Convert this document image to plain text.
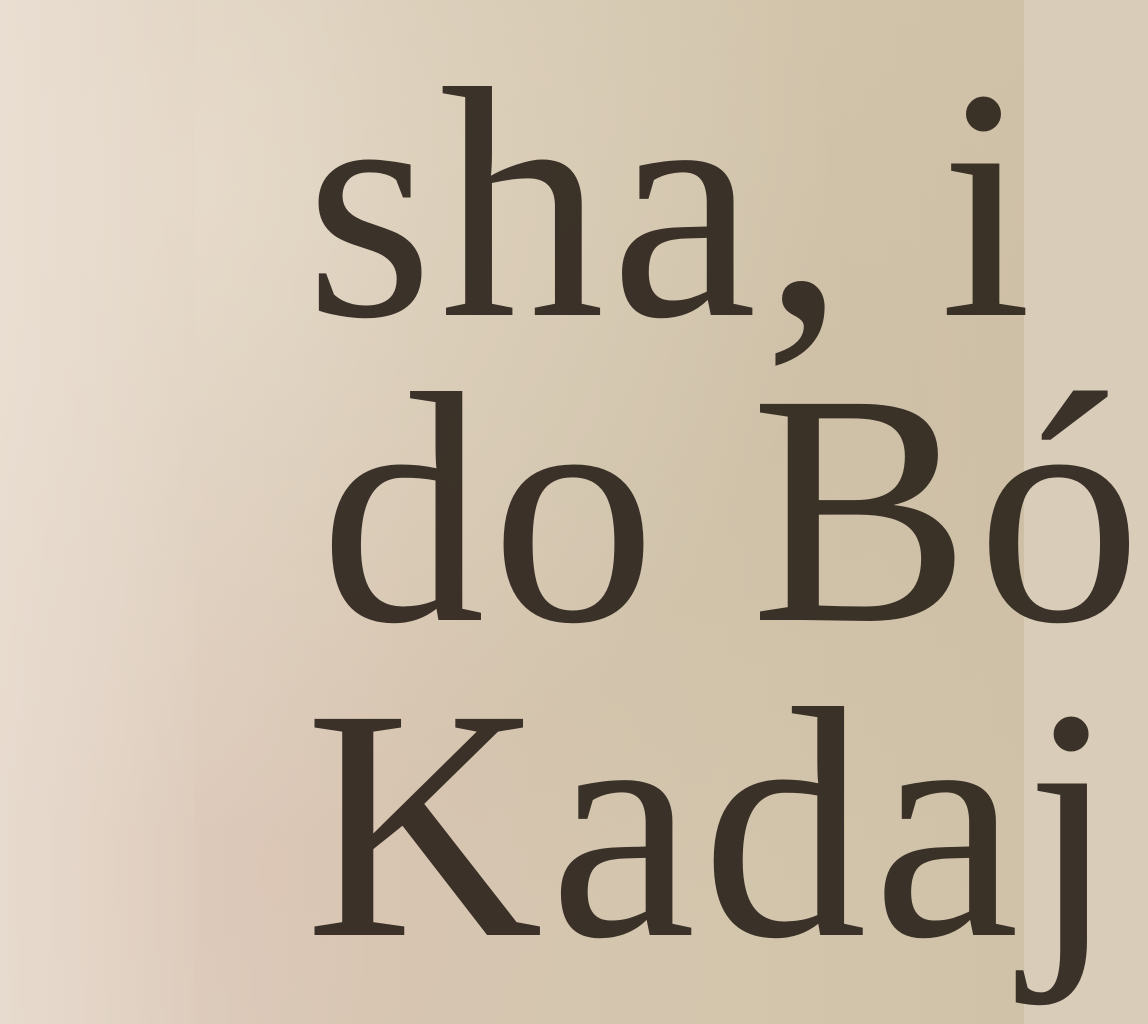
sha, i

do Bó

Kadaj
